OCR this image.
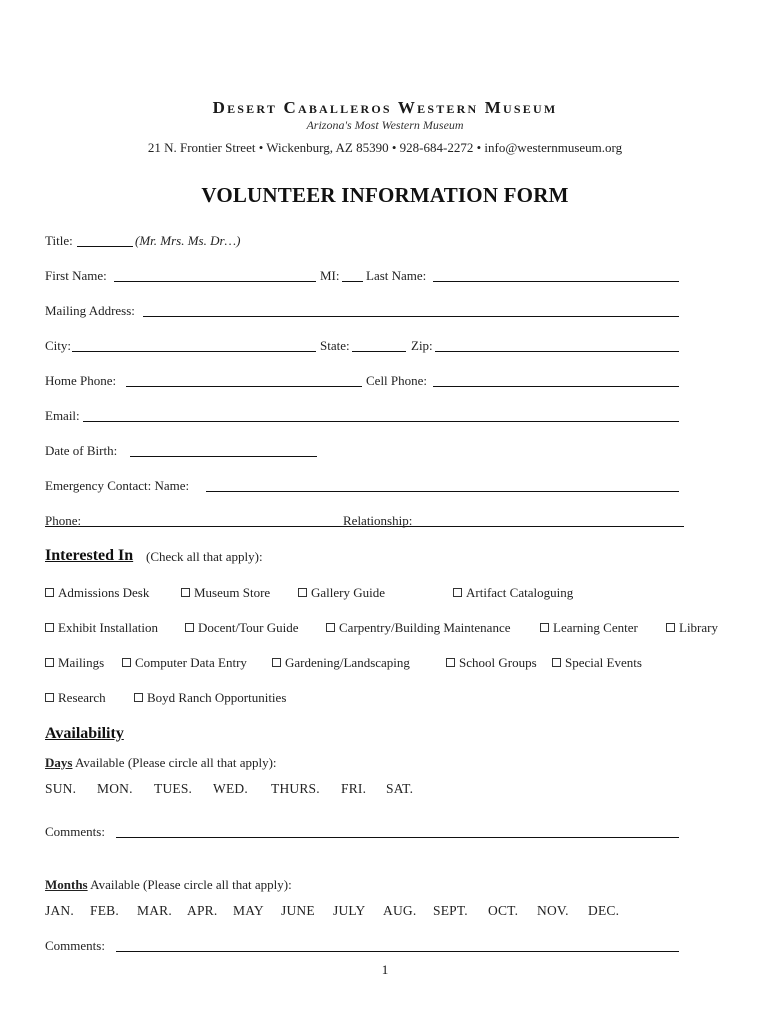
Desert Caballeros Western Museum
Arizona's Most Western Museum
21 N. Frontier Street • Wickenburg, AZ 85390 • 928-684-2272 • info@westernmuseum.org
VOLUNTEER INFORMATION FORM
Title:	(Mr. Mrs. Ms. Dr…)
First Name:	MI: Last Name:
Mailing Address:
City:	State:	Zip:
Home Phone:	Cell Phone:
Email:
Date of Birth:
Emergency Contact: Name:
Phone:	Relationship:
Interested In (Check all that apply):
Admissions Desk	Museum Store	Gallery Guide	Artifact Cataloguing
Exhibit Installation	Docent/Tour Guide	Carpentry/Building Maintenance	Learning Center	Library
Mailings	Computer Data Entry	Gardening/Landscaping	School Groups	Special Events
Research	Boyd Ranch Opportunities
Availability
Days Available (Please circle all that apply):
SUN. MON. TUES. WED. THURS. FRI. SAT.
Comments:
Months Available (Please circle all that apply):
JAN. FEB. MAR. APR. MAY JUNE JULY AUG. SEPT. OCT. NOV. DEC.
Comments:
1
